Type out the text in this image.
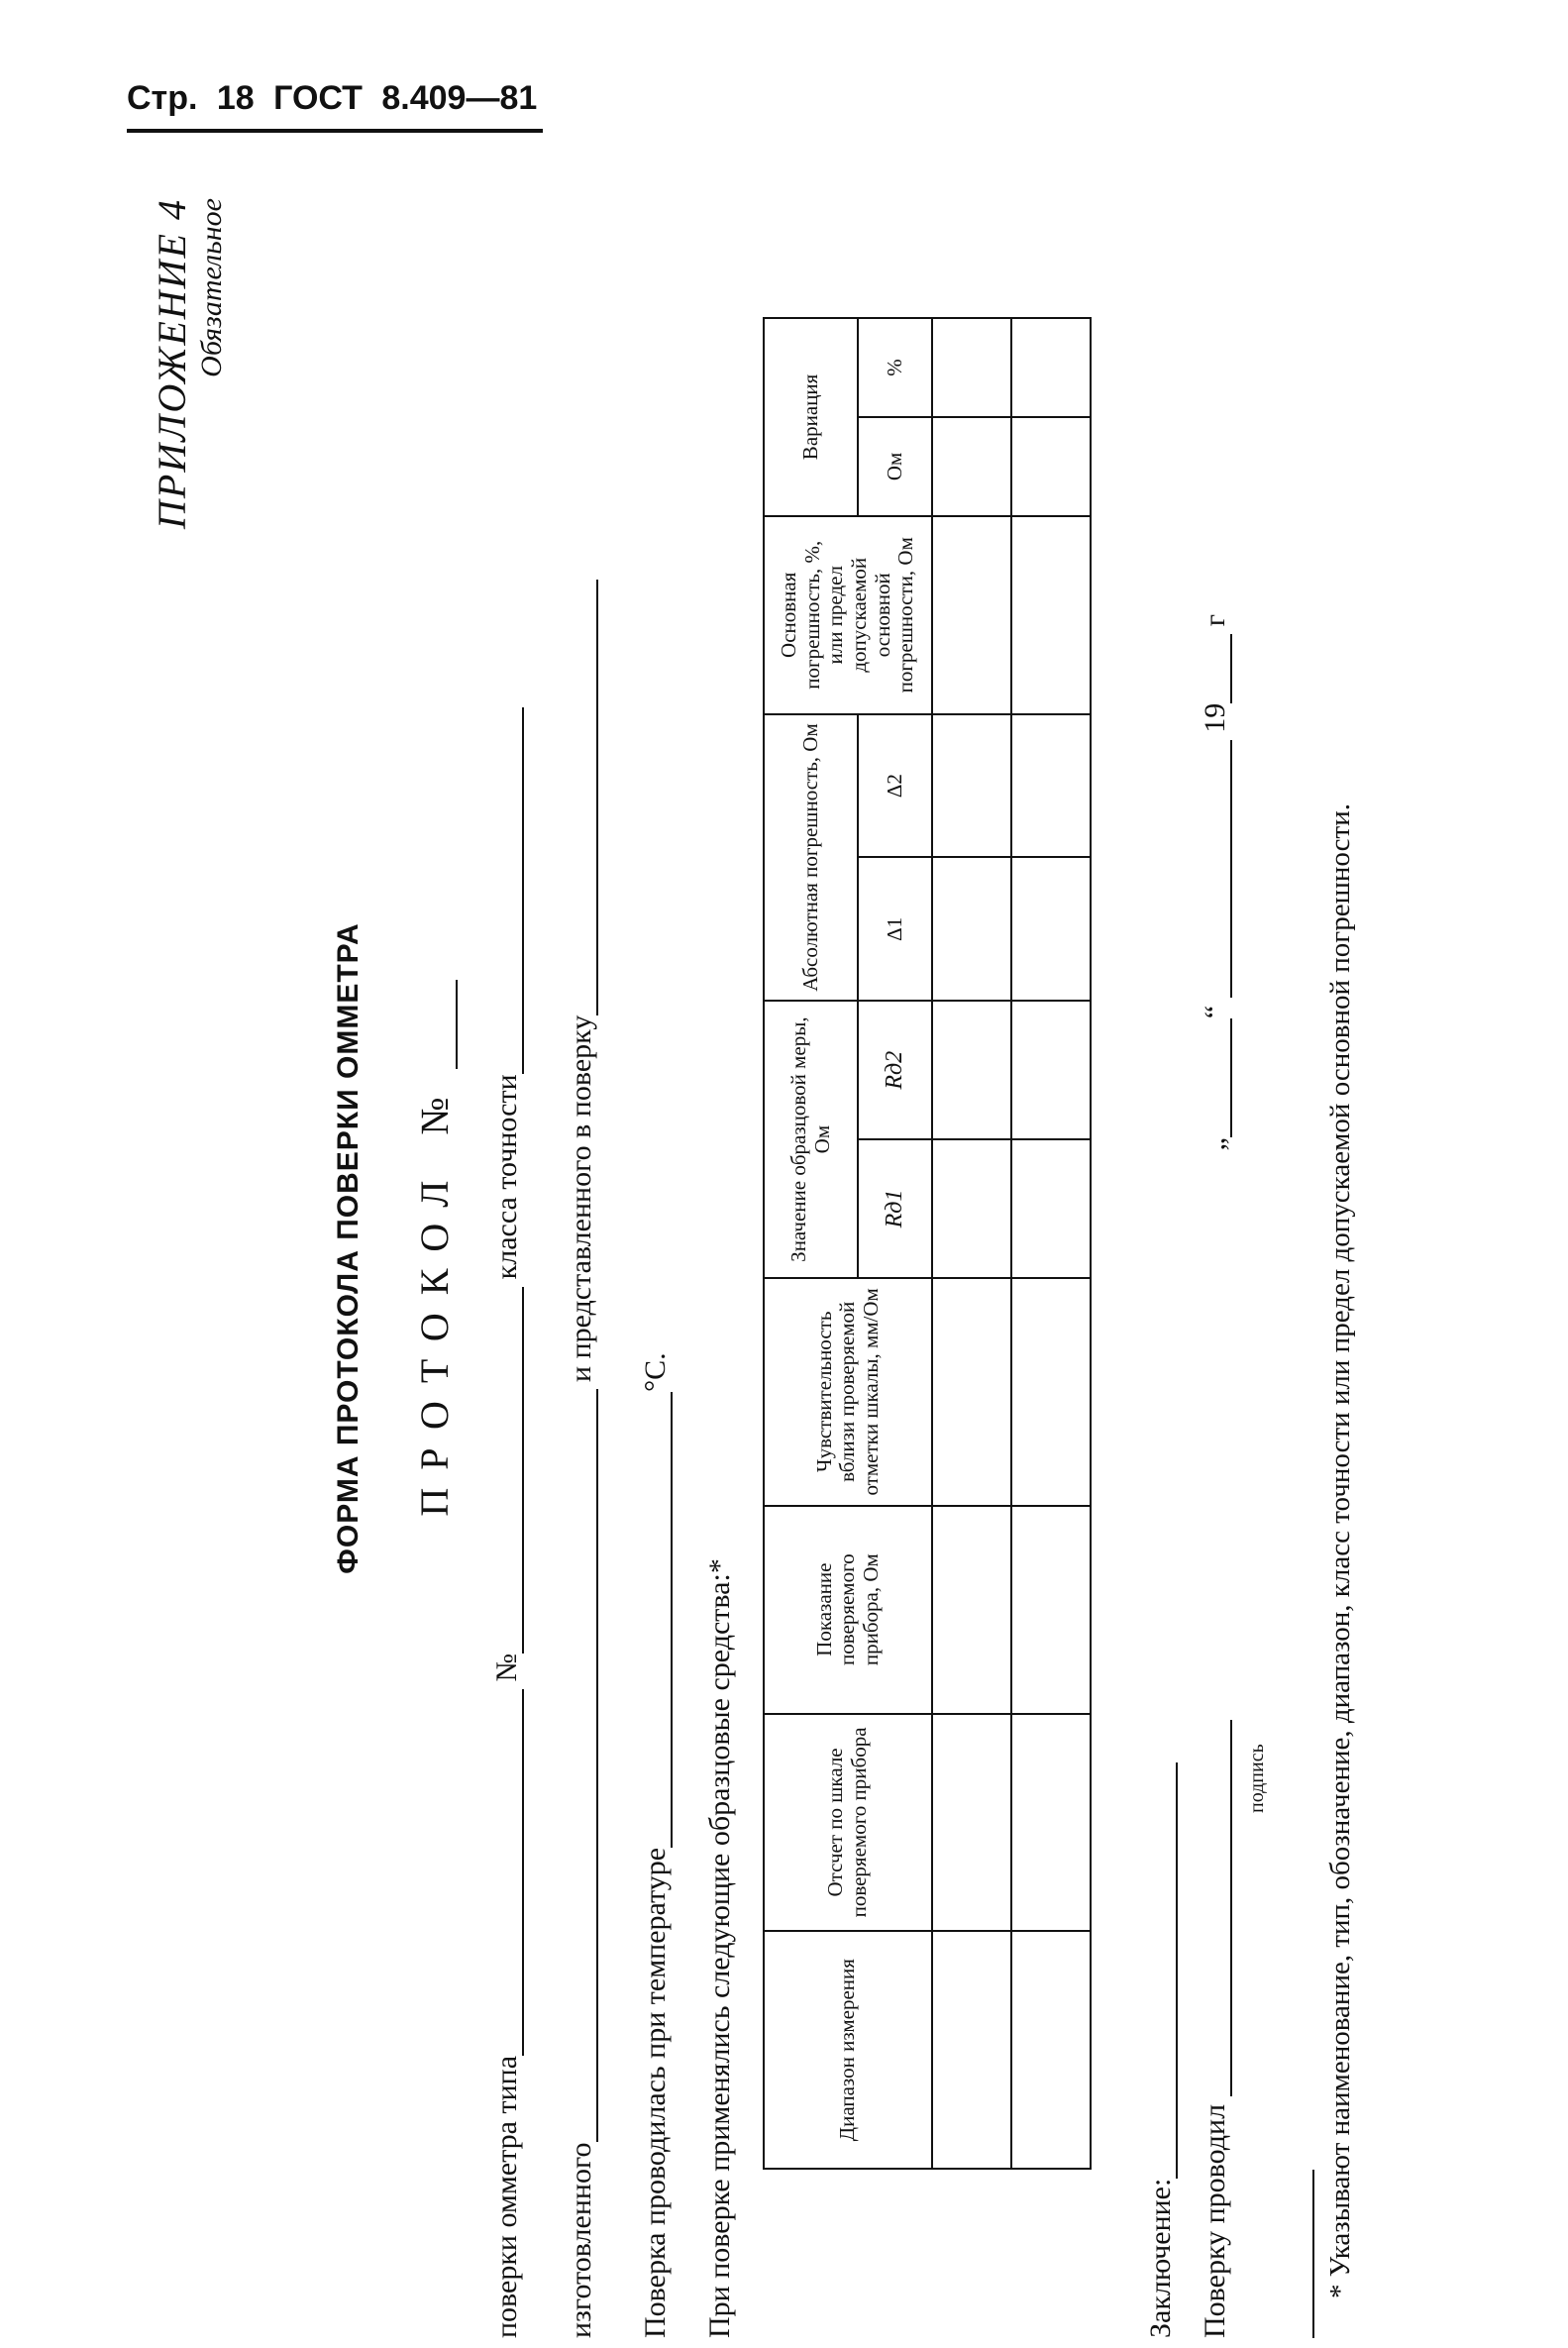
Стр. 18 ГОСТ 8.409—81
ПРИЛОЖЕНИЕ 4 Обязательное
ФОРМА ПРОТОКОЛА ПОВЕРКИ ОММЕТРА ПРОТОКОЛ №
поверки омметра типа № класса точности
изготовленного и представленного в поверку
Поверка проводилась при температуре°С.
При поверке применялись следующие образцовые средства:*	Диапазон измерения	Отсчет по шкале поверяемого прибора	Показание поверяемого прибора, Ом	Чувствительность вблизи проверяемой отметки шкалы, мм/Ом	Значение образцовой меры, Ом		Абсолютная погрешность, Ом		Основная погрешность, %, или предел допускаемой основной погрешности, Ом	Вариация	
				Rд1	Rд2	Δ1	Δ2		Ом	%

Заключение: Поверку проводил   „“  19 г
подпись * Указывают наименование, тип, обозначение, диапазон, класс точности или предел допускаемой основной погрешности.
